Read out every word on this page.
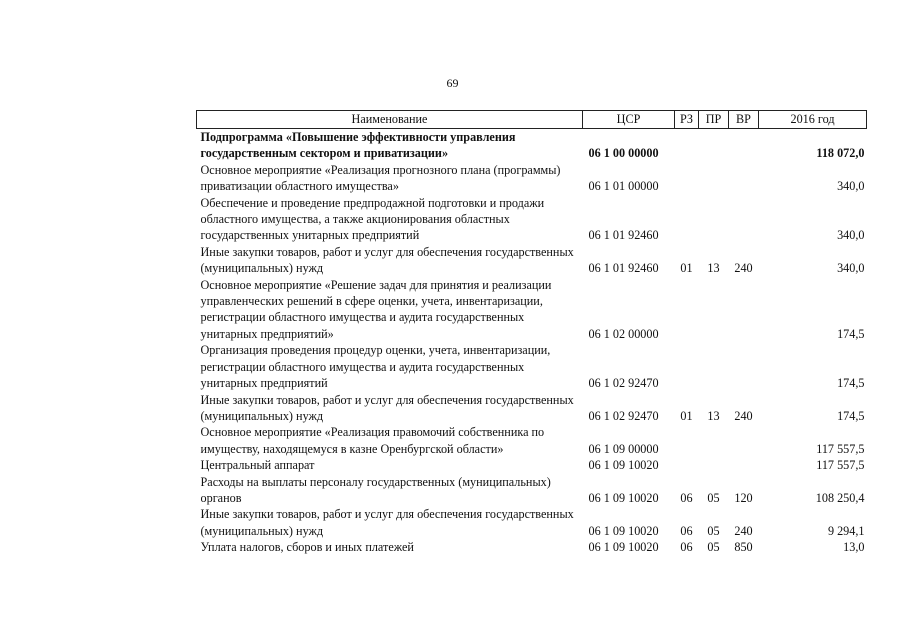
69
Наименование	ЦСР	РЗ	ПР	ВР	2016 год
Подпрограмма «Повышение эффективности управления государственным сектором и приватизации»	06 1 00 00000				118 072,0
Основное мероприятие «Реализация прогнозного плана (программы) приватизации областного имущества»	06 1 01 00000				340,0
Обеспечение и проведение предпродажной подготовки и продажи областного имущества, а также акционирования областных государственных унитарных предприятий	06 1 01 92460				340,0
Иные закупки товаров, работ и услуг для обеспечения государственных (муниципальных) нужд	06 1 01 92460	01	13	240	340,0
Основное мероприятие «Решение задач для принятия и реализации управленческих решений в сфере оценки, учета, инвентаризации, регистрации областного имущества и аудита государственных унитарных предприятий»	06 1 02 00000				174,5
Организация проведения процедур оценки, учета, инвентаризации, регистрации областного имущества и аудита государственных унитарных предприятий	06 1 02 92470				174,5
Иные закупки товаров, работ и услуг для обеспечения государственных (муниципальных) нужд	06 1 02 92470	01	13	240	174,5
Основное мероприятие «Реализация правомочий собственника по имуществу, находящемуся в казне Оренбургской области»	06 1 09 00000				117 557,5
Центральный аппарат	06 1 09 10020				117 557,5
Расходы на выплаты персоналу государственных (муниципальных) органов	06 1 09 10020	06	05	120	108 250,4
Иные закупки товаров, работ и услуг для обеспечения государственных (муниципальных) нужд	06 1 09 10020	06	05	240	9 294,1
Уплата налогов, сборов и иных платежей	06 1 09 10020	06	05	850	13,0
